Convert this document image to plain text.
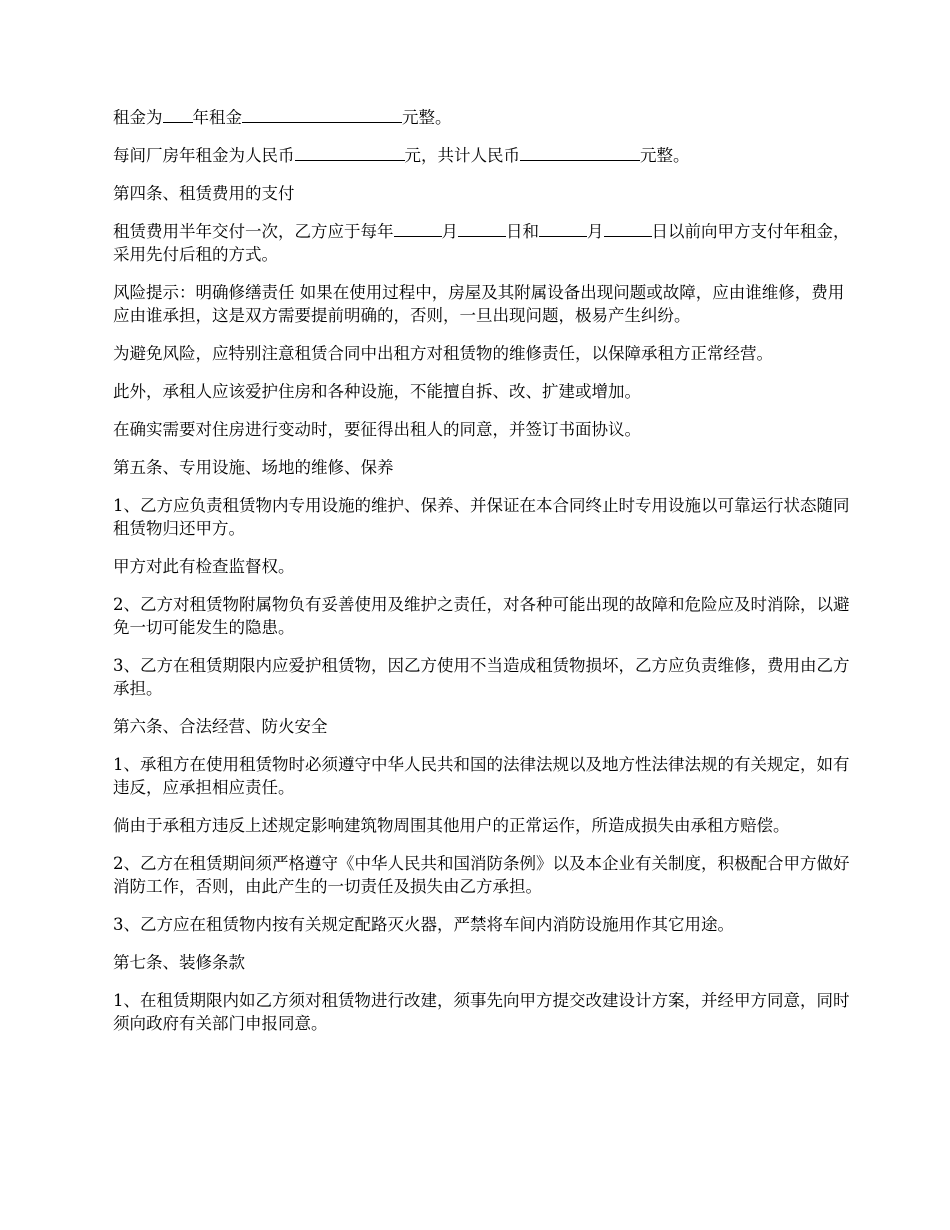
租金为 年租金	元整。

每间厂房年租金为人民币	元，共计人民币	元整。

第四条、租赁费用的支付

租赁费用半年交付一次，乙方应于每年	月	日和	月	日以前向甲方支付年租金，采用先付后租的方式。

风险提示：明确修缮责任 如果在使用过程中，房屋及其附属设备出现问题或故障，应由谁维修，费用应由谁承担，这是双方需要提前明确的，否则，一旦出现问题，极易产生纠纷。

为避免风险，应特别注意租赁合同中出租方对租赁物的维修责任，以保障承租方正常经营。

此外，承租人应该爱护住房和各种设施，不能擅自拆、改、扩建或增加。

在确实需要对住房进行变动时，要征得出租人的同意，并签订书面协议。

第五条、专用设施、场地的维修、保养

1、乙方应负责租赁物内专用设施的维护、保养、并保证在本合同终止时专用设施以可靠运行状态随同租赁物归还甲方。

甲方对此有检查监督权。

2、乙方对租赁物附属物负有妥善使用及维护之责任，对各种可能出现的故障和危险应及时消除，以避免一切可能发生的隐患。

3、乙方在租赁期限内应爱护租赁物，因乙方使用不当造成租赁物损坏，乙方应负责维修，费用由乙方承担。

第六条、合法经营、防火安全

1、承租方在使用租赁物时必须遵守中华人民共和国的法律法规以及地方性法律法规的有关规定，如有违反，应承担相应责任。

倘由于承租方违反上述规定影响建筑物周围其他用户的正常运作，所造成损失由承租方赔偿。

2、乙方在租赁期间须严格遵守《中华人民共和国消防条例》以及本企业有关制度，积极配合甲方做好消防工作，否则，由此产生的一切责任及损失由乙方承担。

3、乙方应在租赁物内按有关规定配路灭火器，严禁将车间内消防设施用作其它用途。

第七条、装修条款

1、在租赁期限内如乙方须对租赁物进行改建，须事先向甲方提交改建设计方案，并经甲方同意，同时须向政府有关部门申报同意。
